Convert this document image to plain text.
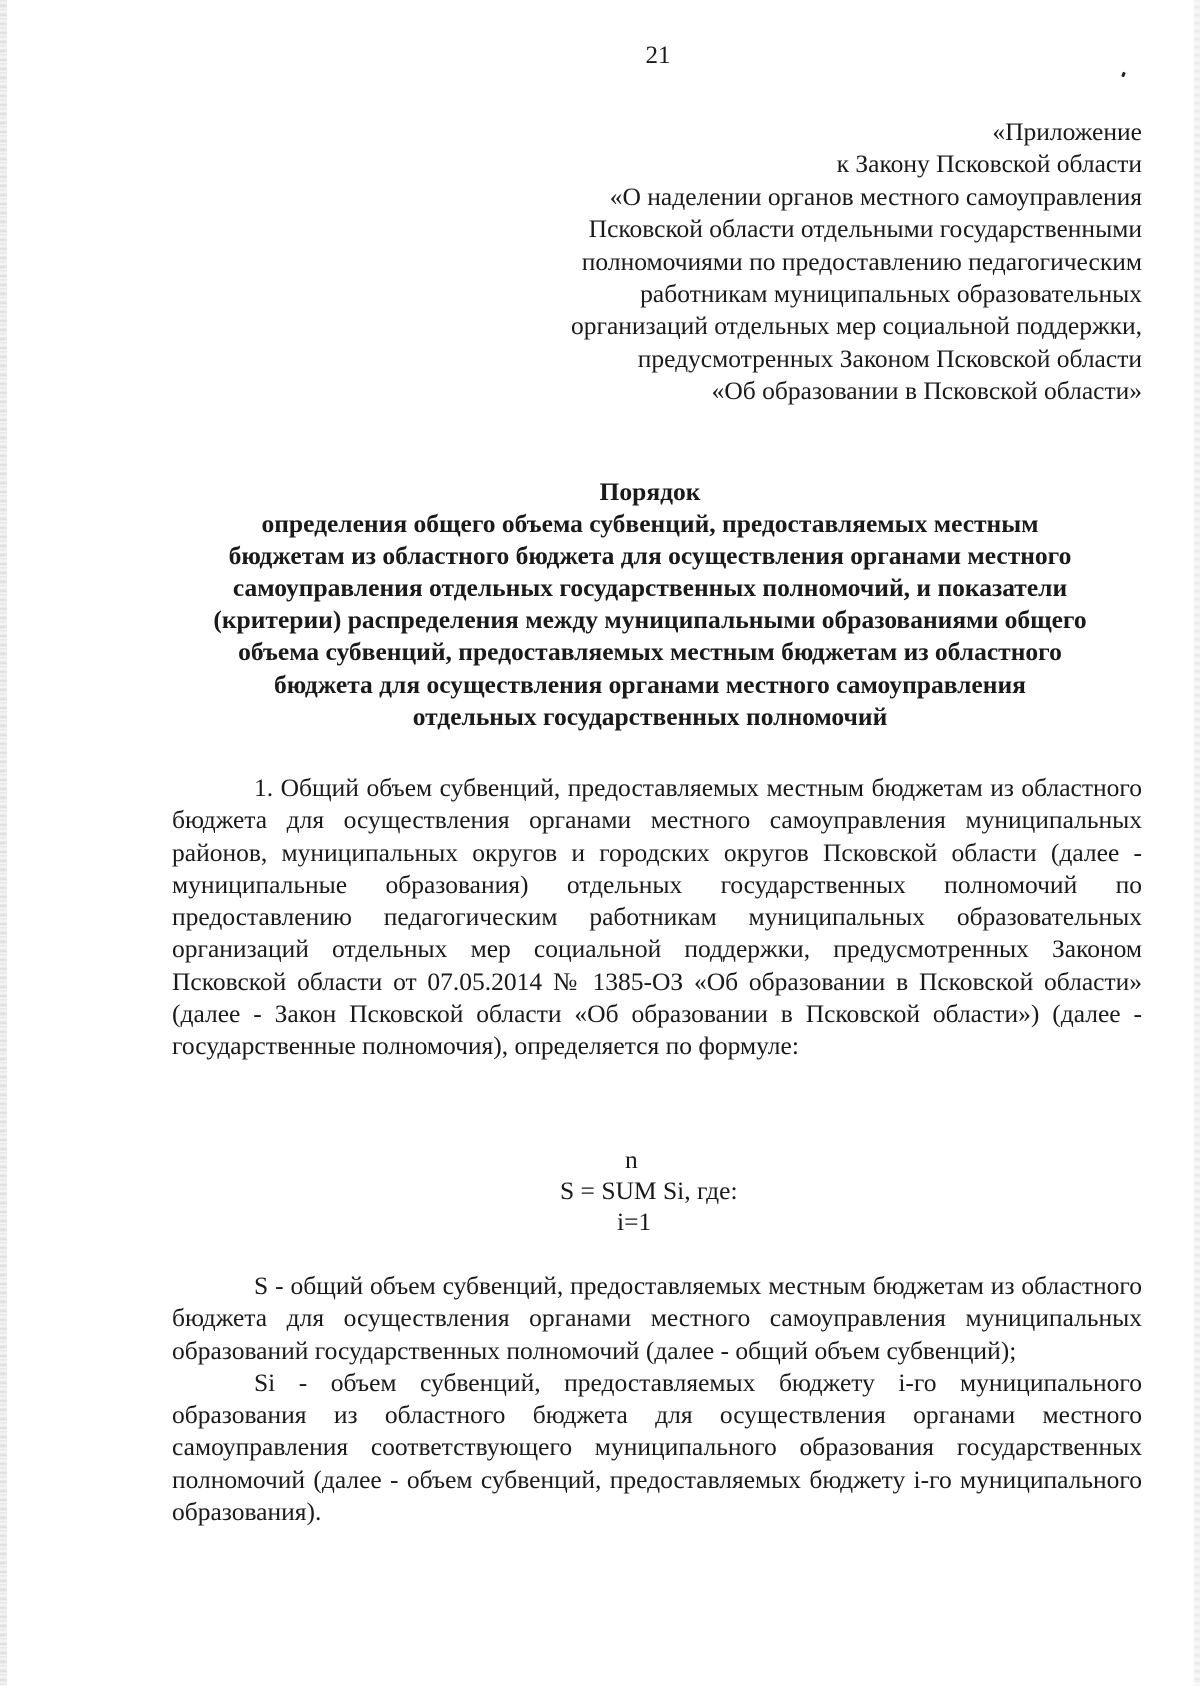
21
«Приложение
к Закону Псковской области
«О наделении органов местного самоуправления
Псковской области отдельными государственными
полномочиями по предоставлению педагогическим
работникам муниципальных образовательных
организаций отдельных мер социальной поддержки,
предусмотренных Законом Псковской области
«Об образовании в Псковской области»
Порядок
определения общего объема субвенций, предоставляемых местным
бюджетам из областного бюджета для осуществления органами местного
самоуправления отдельных государственных полномочий, и показатели
(критерии) распределения между муниципальными образованиями общего
объема субвенций, предоставляемых местным бюджетам из областного
бюджета для осуществления органами местного самоуправления
отдельных государственных полномочий

1. Общий объем субвенций, предоставляемых местным бюджетам из областного бюджета для осуществления органами местного самоуправления муниципальных районов, муниципальных округов и городских округов Псковской области (далее - муниципальные образования) отдельных государственных полномочий по предоставлению педагогическим работникам муниципальных образовательных организаций отдельных мер социальной поддержки, предусмотренных Законом Псковской области от 07.05.2014 № 1385-ОЗ «Об образовании в Псковской области» (далее - Закон Псковской области «Об образовании в Псковской области») (далее - государственные полномочия), определяется по формуле:

n
S = SUM Si, где:
i=1

S - общий объем субвенций, предоставляемых местным бюджетам из областного бюджета для осуществления органами местного самоуправления муниципальных образований государственных полномочий (далее - общий объем субвенций);

Si - объем субвенций, предоставляемых бюджету i-го муниципального образования из областного бюджета для осуществления органами местного самоуправления соответствующего муниципального образования государственных полномочий (далее - объем субвенций, предоставляемых бюджету i-го муниципального образования).
